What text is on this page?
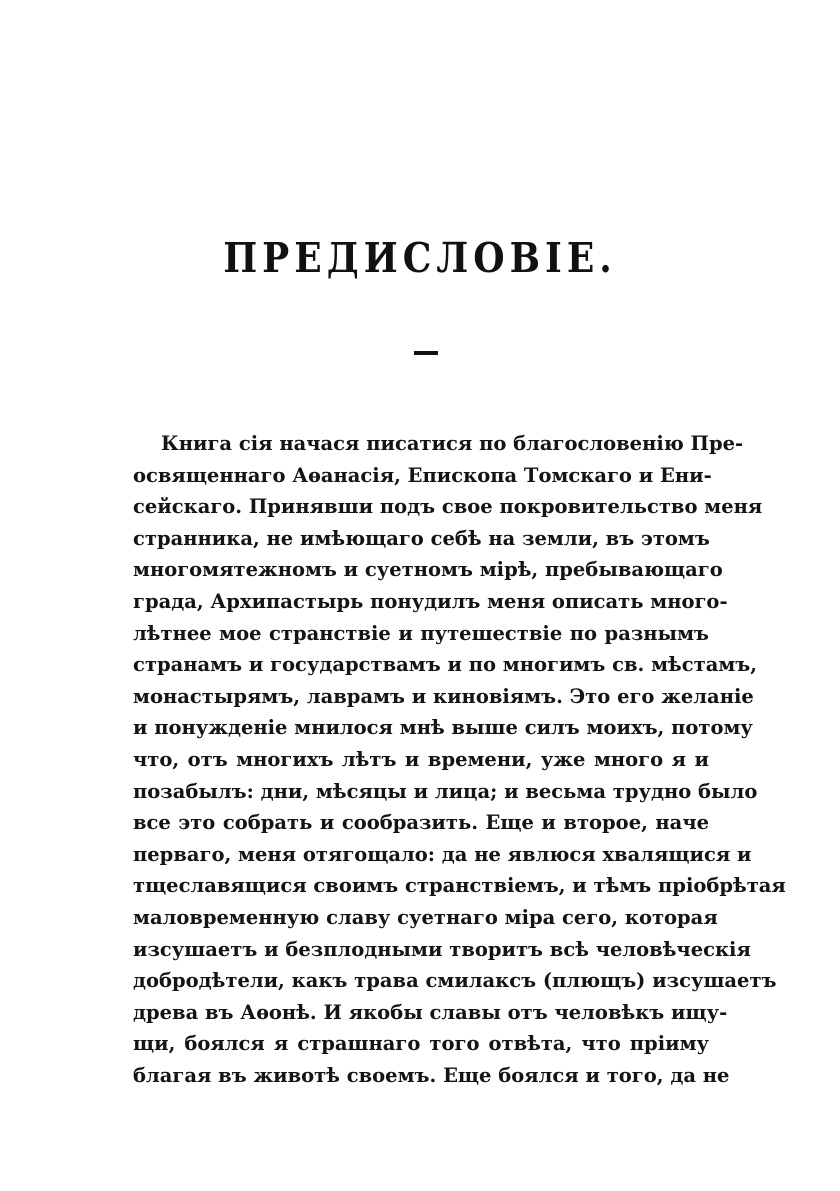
ПРЕДИСЛОВІЕ.
Книга сія начася писатися по благословенію Пре-
освященнаго Аѳанасія, Епископа Томскаго и Ени-
сейскаго. Принявши подъ свое покровительство меня
странника, не имѣющаго себѣ на земли, въ этомъ
многомятежномъ и суетномъ мірѣ, пребывающаго
града, Архипастырь понудилъ меня описать много-
лѣтнее мое странствіе и путешествіе по разнымъ
странамъ и государствамъ и по многимъ св. мѣстамъ,
монастырямъ, лаврамъ и киновіямъ. Это его желаніе
и понужденіе мнилося мнѣ выше силъ моихъ, потому
что, отъ многихъ лѣтъ и времени, уже много я и
позабылъ: дни, мѣсяцы и лица; и весьма трудно было
все это собрать и сообразить. Еще и второе, наче
перваго, меня отягощало: да не явлюся хвалящися и
тщеславящися своимъ странствіемъ, и тѣмъ пріобрѣтая
маловременную славу суетнаго міра сего, которая
изсушаетъ и безплодными творитъ всѣ человѣческія
добродѣтели, какъ трава смилаксъ (плющъ) изсушаетъ
древа въ Аѳонѣ. И якобы славы отъ человѣкъ ищу-
щи, боялся я страшнаго того отвѣта, что пріиму
благая въ животѣ своемъ. Еще боялся и того, да не
